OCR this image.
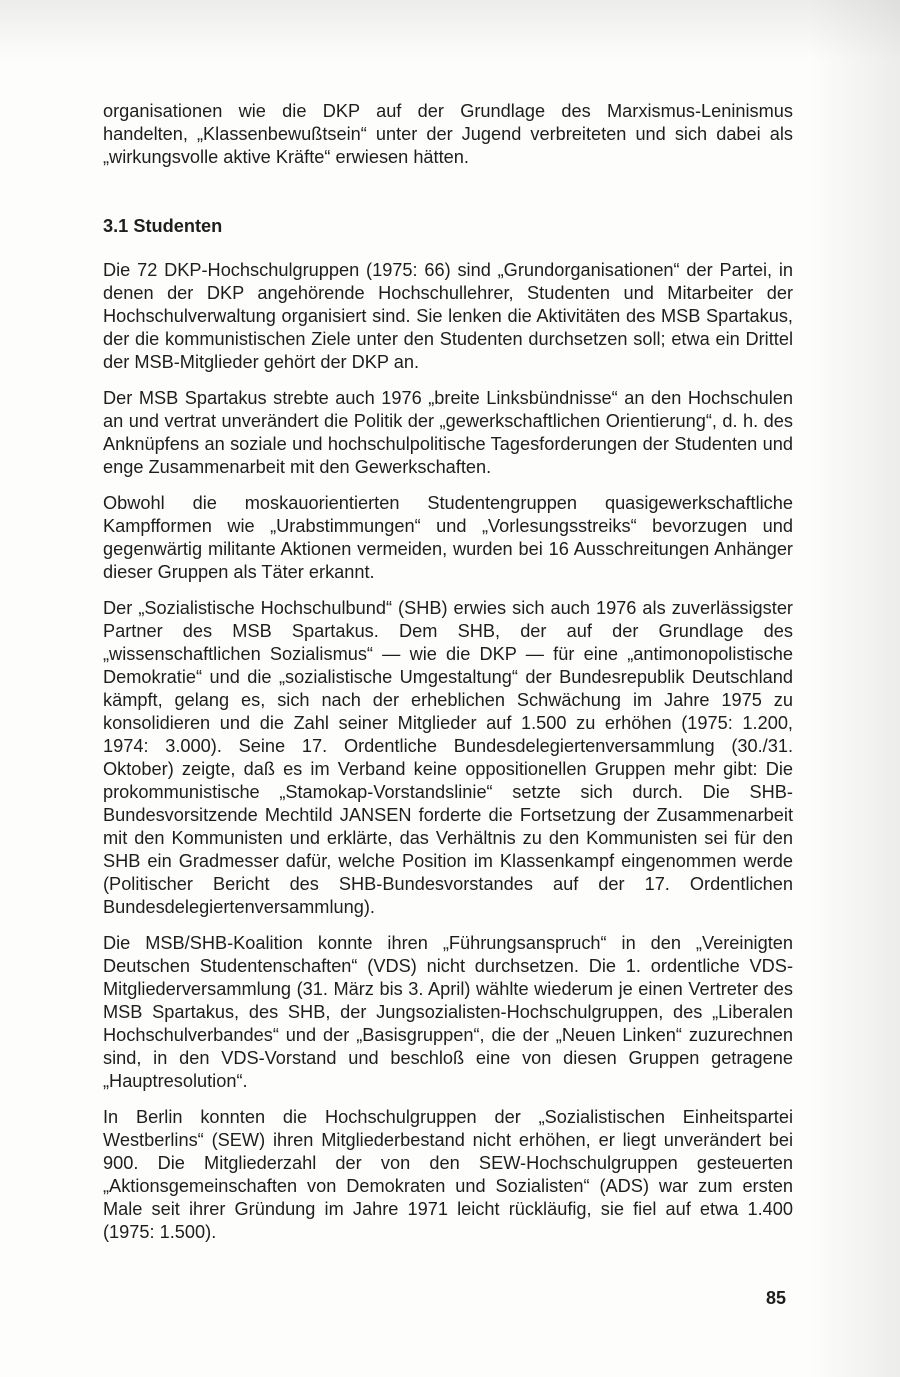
organisationen wie die DKP auf der Grundlage des Marxismus-Leninismus handelten, „Klassenbewußtsein“ unter der Jugend verbreiteten und sich dabei als „wirkungsvolle aktive Kräfte“ erwiesen hätten.

3.1 Studenten

Die 72 DKP-Hochschulgruppen (1975: 66) sind „Grundorganisationen“ der Partei, in denen der DKP angehörende Hochschullehrer, Studenten und Mitarbeiter der Hochschulverwaltung organisiert sind. Sie lenken die Aktivitäten des MSB Spartakus, der die kommunistischen Ziele unter den Studenten durchsetzen soll; etwa ein Drittel der MSB-Mitglieder gehört der DKP an.

Der MSB Spartakus strebte auch 1976 „breite Linksbündnisse“ an den Hochschulen an und vertrat unverändert die Politik der „gewerkschaftlichen Orientierung“, d. h. des Anknüpfens an soziale und hochschulpolitische Tagesforderungen der Studenten und enge Zusammenarbeit mit den Gewerkschaften.

Obwohl die moskauorientierten Studentengruppen quasigewerkschaftliche Kampfformen wie „Urabstimmungen“ und „Vorlesungsstreiks“ bevorzugen und gegenwärtig militante Aktionen vermeiden, wurden bei 16 Ausschreitungen Anhänger dieser Gruppen als Täter erkannt.

Der „Sozialistische Hochschulbund“ (SHB) erwies sich auch 1976 als zuverlässigster Partner des MSB Spartakus. Dem SHB, der auf der Grundlage des „wissenschaftlichen Sozialismus“ — wie die DKP — für eine „antimonopolistische Demokratie“ und die „sozialistische Umgestaltung“ der Bundesrepublik Deutschland kämpft, gelang es, sich nach der erheblichen Schwächung im Jahre 1975 zu konsolidieren und die Zahl seiner Mitglieder auf 1.500 zu erhöhen (1975: 1.200, 1974: 3.000). Seine 17. Ordentliche Bundesdelegiertenversammlung (30./31. Oktober) zeigte, daß es im Verband keine oppositionellen Gruppen mehr gibt: Die prokommunistische „Stamokap-Vorstandslinie“ setzte sich durch. Die SHB-Bundesvorsitzende Mechtild JANSEN forderte die Fortsetzung der Zusammenarbeit mit den Kommunisten und erklärte, das Verhältnis zu den Kommunisten sei für den SHB ein Gradmesser dafür, welche Position im Klassenkampf eingenommen werde (Politischer Bericht des SHB-Bundesvorstandes auf der 17. Ordentlichen Bundesdelegiertenversammlung).

Die MSB/SHB-Koalition konnte ihren „Führungsanspruch“ in den „Vereinigten Deutschen Studentenschaften“ (VDS) nicht durchsetzen. Die 1. ordentliche VDS-Mitgliederversammlung (31. März bis 3. April) wählte wiederum je einen Vertreter des MSB Spartakus, des SHB, der Jungsozialisten-Hochschulgruppen, des „Liberalen Hochschulverbandes“ und der „Basisgruppen“, die der „Neuen Linken“ zuzurechnen sind, in den VDS-Vorstand und beschloß eine von diesen Gruppen getragene „Hauptresolution“.

In Berlin konnten die Hochschulgruppen der „Sozialistischen Einheitspartei Westberlins“ (SEW) ihren Mitgliederbestand nicht erhöhen, er liegt unverändert bei 900. Die Mitgliederzahl der von den SEW-Hochschulgruppen gesteuerten „Aktionsgemeinschaften von Demokraten und Sozialisten“ (ADS) war zum ersten Male seit ihrer Gründung im Jahre 1971 leicht rückläufig, sie fiel auf etwa 1.400 (1975: 1.500).

85
